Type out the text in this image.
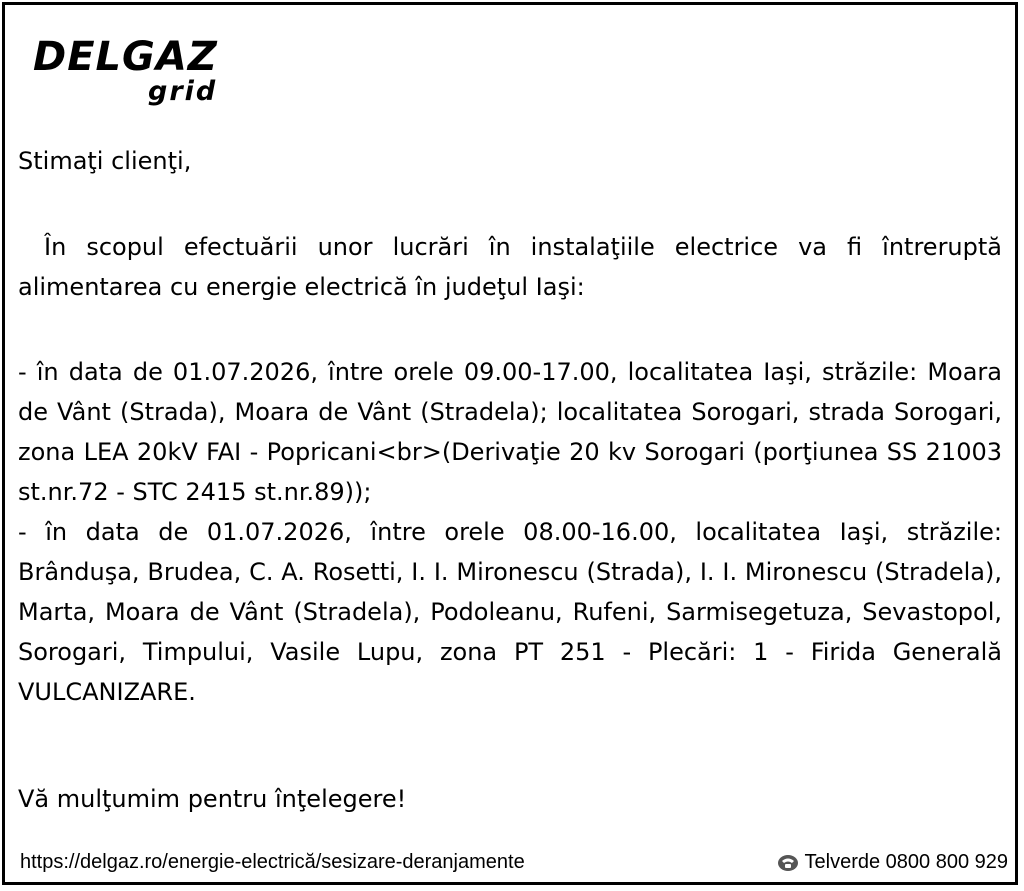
DELGAZ
grid
Stimaţi clienţi,
În scopul efectuării unor lucrări în instalaţiile electrice va fi întreruptă alimentarea cu energie electrică în judeţul Iaşi:
- în data de 01.07.2026, între orele 09.00-17.00, localitatea Iaşi, străzile: Moara de Vânt (Strada), Moara de Vânt (Stradela); localitatea Sorogari, strada Sorogari, zona LEA 20kV FAI - Popricani<br>(Derivaţie 20 kv Sorogari (porţiunea SS 21003 st.nr.72 - STC 2415 st.nr.89));
- în data de 01.07.2026, între orele 08.00-16.00, localitatea Iaşi, străzile: Brânduşa, Brudea, C. A. Rosetti, I. I. Mironescu (Strada), I. I. Mironescu (Stradela), Marta, Moara de Vânt (Stradela), Podoleanu, Rufeni, Sarmisegetuza, Sevastopol, Sorogari, Timpului, Vasile Lupu, zona PT 251 - Plecări: 1 - Firida Generală VULCANIZARE.
Vă mulţumim pentru înţelegere!
https://delgaz.ro/energie-electrică/sesizare-deranjamente	Telverde 0800 800 929
